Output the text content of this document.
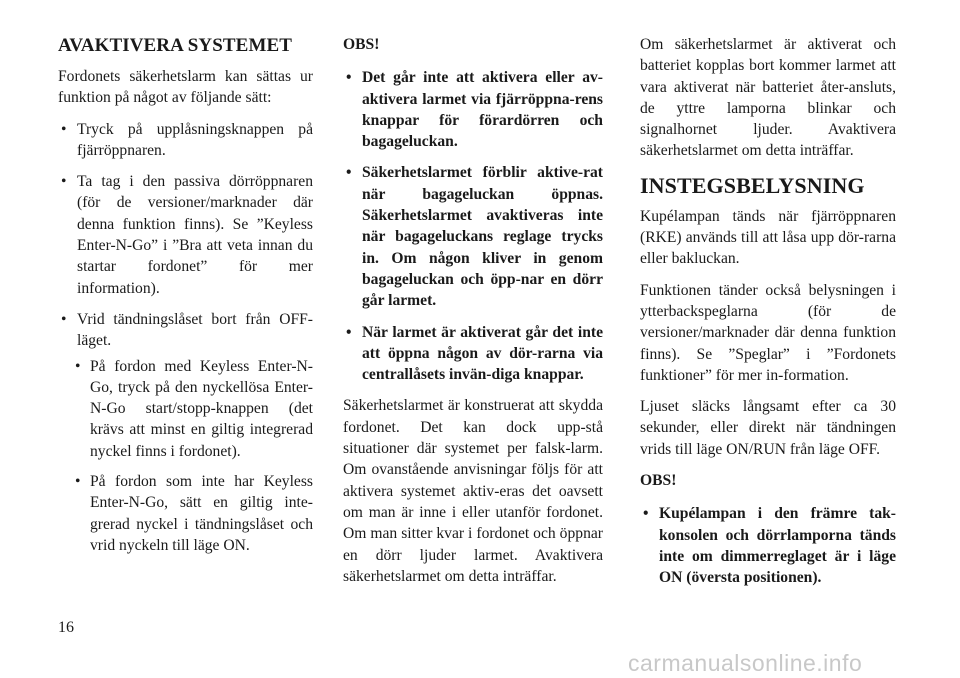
AVAKTIVERA SYSTEMET

Fordonets säkerhetslarm kan sättas ur funktion på något av följande sätt:

• Tryck på upplåsningsknappen på fjärröppnaren.
• Ta tag i den passiva dörröppnaren (för de versioner/marknader där denna funktion finns). Se ”Keyless Enter-N-Go” i ”Bra att veta innan du startar fordonet” för mer information).
• Vrid tändningslåset bort från OFF-läget.
• På fordon med Keyless Enter-N-Go, tryck på den nyckellösa Enter-N-Go start/stopp-knappen (det krävs att minst en giltig integrerad nyckel finns i fordonet).
• På fordon som inte har Keyless Enter-N-Go, sätt en giltig inte-grerad nyckel i tändningslåset och vrid nyckeln till läge ON.
OBS!
• Det går inte att aktivera eller av-aktivera larmet via fjärröppna-rens knappar för förardörren och bagageluckan.
• Säkerhetslarmet förblir aktive-rat när bagageluckan öppnas. Säkerhetslarmet avaktiveras inte när bagageluckans reglage trycks in. Om någon kliver in genom bagageluckan och öpp-nar en dörr går larmet.
• När larmet är aktiverat går det inte att öppna någon av dör-rarna via centrallåsets invän-diga knappar.

Säkerhetslarmet är konstruerat att skydda fordonet. Det kan dock upp-stå situationer där systemet per falsk-larm. Om ovanstående anvisningar följs för att aktivera systemet aktiv-eras det oavsett om man är inne i eller utanför fordonet. Om man sitter kvar i fordonet och öppnar en dörr ljuder larmet. Avaktivera säkerhetslarmet om detta inträffar.

Om säkerhetslarmet är aktiverat och batteriet kopplas bort kommer larmet att vara aktiverat när batteriet åter-ansluts, de yttre lamporna blinkar och signalhornet ljuder. Avaktivera säkerhetslarmet om detta inträffar.

INSTEGSBELYSNING

Kupélampan tänds när fjärröppnaren (RKE) används till att låsa upp dör-rarna eller bakluckan.

Funktionen tänder också belysningen i ytterbackspeglarna (för de versioner/marknader där denna funktion finns). Se ”Speglar” i ”Fordonets funktioner” för mer in-formation.

Ljuset släcks långsamt efter ca 30 sekunder, eller direkt när tändningen vrids till läge ON/RUN från läge OFF.

OBS!
• Kupélampan i den främre tak-konsolen och dörrlamporna tänds inte om dimmerreglaget är i läge ON (översta positionen).
16
carmanualsonline.info
